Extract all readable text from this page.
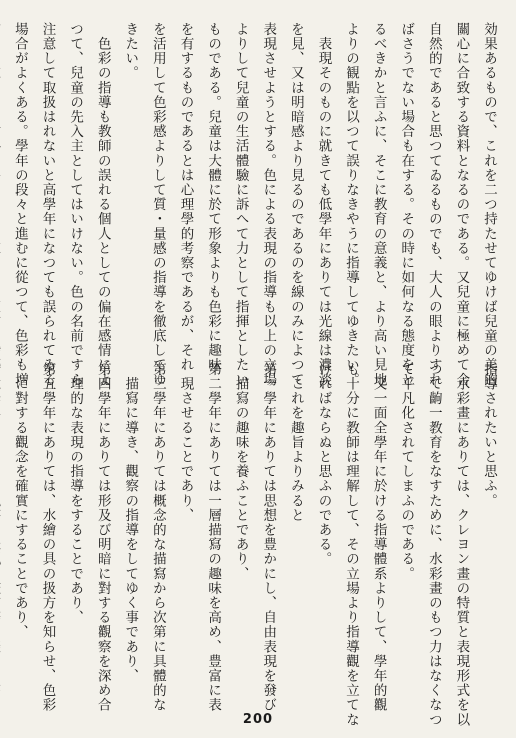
効果あるもので、これを二つ持たせてゆけば兒童の美的
關心に合致する資料となるのである。又兒童に極めて合
自然的であると思つてゐるものでも、大人の眼よりすれ
ばさうでない場合も在する。その時に如何なる態度をと
るべきかと言ふに、そこに教育の意義と、より高い見地
よりの観點を以つて誤りなきやうに指導してゆきたい。
　表現そのものに就きても低學年にありては光線は濃淡
を見、又は明暗感より見るのであるのを線のみによつて
表現させようとする。色による表現の指導も以上の立場
よりして兒童の生活體驗に訴へて力として指揮としたい
ものである。兒童は大體に於て形象よりも色彩に趣味
を有するものであるとは心理學的考察であるが、それ
を活用して色彩感よりして質・量感の指導を徹底してゆ
きたい。
　色彩の指導も教師の誤れる個人としての偏在感情によ
つて、兒童の先入主としてはいけない。色の名前ですら
注意して取扱はれないと高學年になつても誤られてゐる
場合がよくある。學年の段々と進むに從つて、色彩も増
指導されたいと思ふ。
　水彩畫にありては、クレヨン畫の特質と表現形式を以
つて齣一教育をなすために、水彩畫のもつ力はなくなつ
て平凡化されてしまふのである。
　又一面全學年に於ける指導體系よりして、學年的觀
も十分に教師は理解して、その立場より指導觀を立てな
ければならぬと思ふのである。
　これを趣旨よりみると
第一學年にありては思想を豊かにし、自由表現を發び
　描寫の趣味を養ふことであり、
第二學年にありては一層描寫の趣味を高め、豊富に表
　現させることであり、
第三學年にありては概念的な描寫から次第に具體的な
　描寫に導き、觀察の指導をしてゆく事であり、
第四學年にありては形及び明暗に對する觀察を深め合
　理的な表現の指導をすることであり、
第五學年にありては、水繪の具の扱方を知らせ、色彩
　に對する觀念を確實にすることであり、
200
